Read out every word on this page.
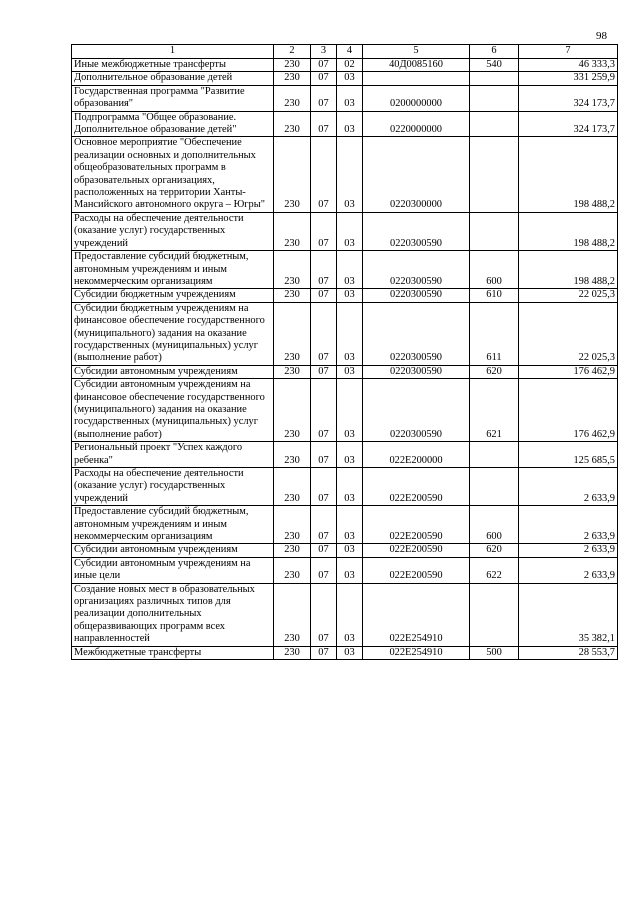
98
1	2	3	4	5	6	7
Иные межбюджетные трансферты	230	07	02	40Д0085160	540	46 333,3
Дополнительное образование детей	230	07	03			331 259,9
Государственная программа "Развитие образования"	230	07	03	0200000000		324 173,7
Подпрограмма "Общее образование. Дополнительное образование детей"	230	07	03	0220000000		324 173,7
Основное мероприятие "Обеспечение реализации основных и дополнительных общеобразовательных программ в образовательных организациях, расположенных на территории Ханты-Мансийского автономного округа – Югры"	230	07	03	0220300000		198 488,2
Расходы на обеспечение деятельности (оказание услуг) государственных учреждений	230	07	03	0220300590		198 488,2
Предоставление субсидий бюджетным, автономным учреждениям и иным некоммерческим организациям	230	07	03	0220300590	600	198 488,2
Субсидии бюджетным учреждениям	230	07	03	0220300590	610	22 025,3
Субсидии бюджетным учреждениям на финансовое обеспечение государственного (муниципального) задания на оказание государственных (муниципальных) услуг (выполнение работ)	230	07	03	0220300590	611	22 025,3
Субсидии автономным учреждениям	230	07	03	0220300590	620	176 462,9
Субсидии автономным учреждениям на финансовое обеспечение государственного (муниципального) задания на оказание государственных (муниципальных) услуг (выполнение работ)	230	07	03	0220300590	621	176 462,9
Региональный проект "Успех каждого ребенка"	230	07	03	022E200000		125 685,5
Расходы на обеспечение деятельности (оказание услуг) государственных учреждений	230	07	03	022E200590		2 633,9
Предоставление субсидий бюджетным, автономным учреждениям и иным некоммерческим организациям	230	07	03	022E200590	600	2 633,9
Субсидии автономным учреждениям	230	07	03	022E200590	620	2 633,9
Субсидии автономным учреждениям на иные цели	230	07	03	022E200590	622	2 633,9
Создание новых мест в образовательных организациях различных типов для реализации дополнительных общеразвивающих программ всех направленностей	230	07	03	022E254910		35 382,1
Межбюджетные трансферты	230	07	03	022E254910	500	28 553,7
